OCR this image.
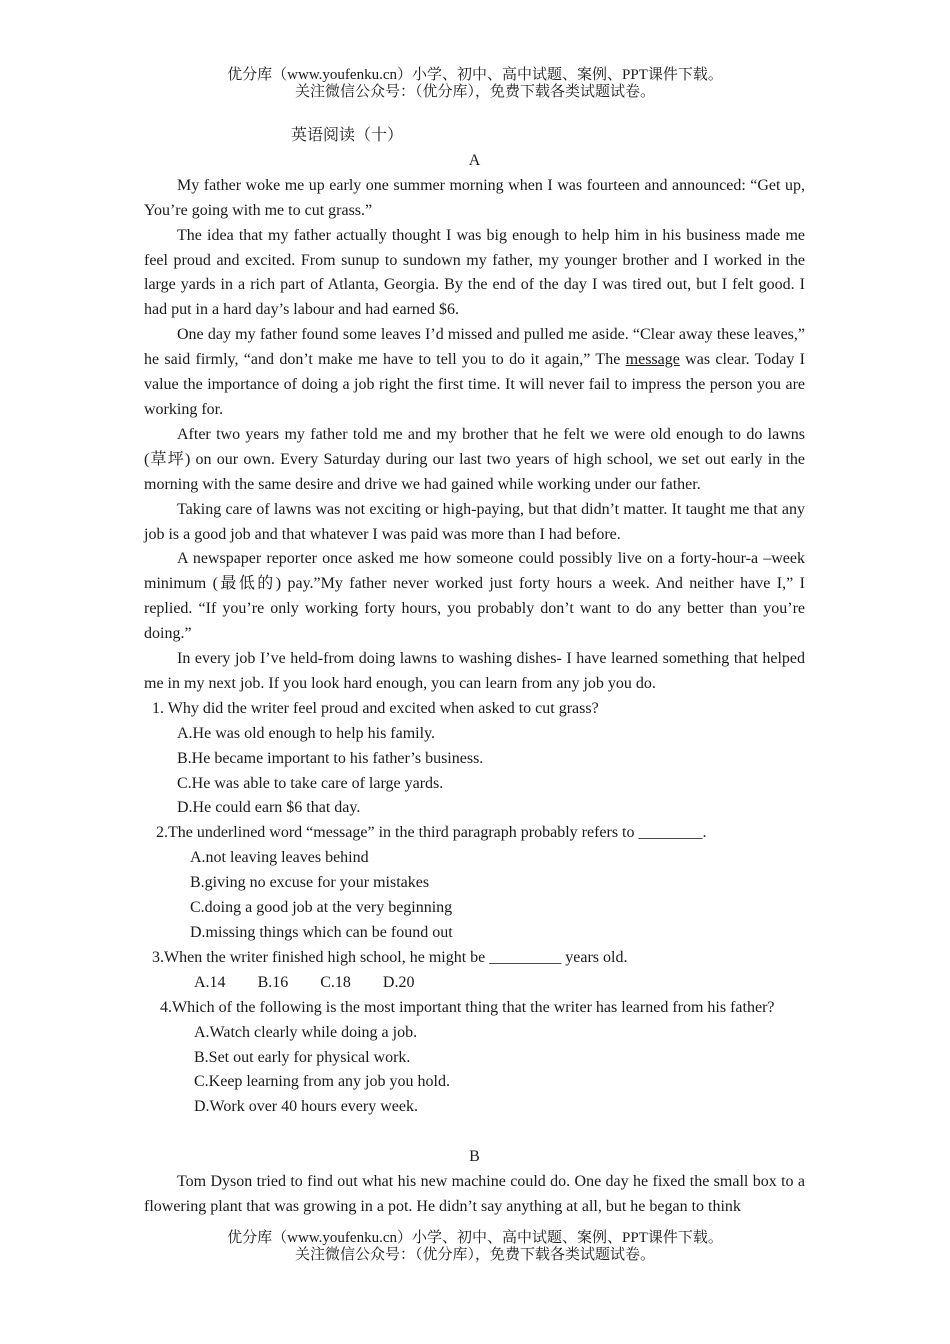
优分库（www.youfenku.cn）小学、初中、高中试题、案例、PPT课件下载。
关注微信公众号：（优分库），免费下载各类试题试卷。
英语阅读（十）
A

My father woke me up early one summer morning when I was fourteen and announced: “Get up, You’re going with me to cut grass.”

The idea that my father actually thought I was big enough to help him in his business made me feel proud and excited. From sunup to sundown my father, my younger brother and I worked in the large yards in a rich part of Atlanta, Georgia. By the end of the day I was tired out, but I felt good. I had put in a hard day’s labour and had earned $6.

One day my father found some leaves I’d missed and pulled me aside. “Clear away these leaves,” he said firmly, “and don’t make me have to tell you to do it again,” The message was clear. Today I value the importance of doing a job right the first time. It will never fail to impress the person you are working for.

After two years my father told me and my brother that he felt we were old enough to do lawns (草坪) on our own. Every Saturday during our last two years of high school, we set out early in the morning with the same desire and drive we had gained while working under our father.

Taking care of lawns was not exciting or high-paying, but that didn’t matter. It taught me that any job is a good job and that whatever I was paid was more than I had before.

A newspaper reporter once asked me how someone could possibly live on a forty-hour-a –week minimum (最低的) pay.”My father never worked just forty hours a week. And neither have I,” I replied. “If you’re only working forty hours, you probably don’t want to do any better than you’re doing.”

In every job I’ve held-from doing lawns to washing dishes- I have learned something that helped me in my next job. If you look hard enough, you can learn from any job you do.

1. Why did the writer feel proud and excited when asked to cut grass?

A.He was old enough to help his family.

B.He became important to his father’s business.

C.He was able to take care of large yards.

D.He could earn $6 that day.

2.The underlined word “message” in the third paragraph probably refers to ________.

A.not leaving leaves behind

B.giving no excuse for your mistakes

C.doing a good job at the very beginning

D.missing things which can be found out

3.When the writer finished high school, he might be _________ years old.

A.14 B.16 C.18 D.20

4.Which of the following is the most important thing that the writer has learned from his father?

A.Watch clearly while doing a job.

B.Set out early for physical work.

C.Keep learning from any job you hold.

D.Work over 40 hours every week.

B

Tom Dyson tried to find out what his new machine could do. One day he fixed the small box to a flowering plant that was growing in a pot. He didn’t say anything at all, but he began to think

优分库（www.youfenku.cn）小学、初中、高中试题、案例、PPT课件下载。
关注微信公众号：（优分库），免费下载各类试题试卷。
